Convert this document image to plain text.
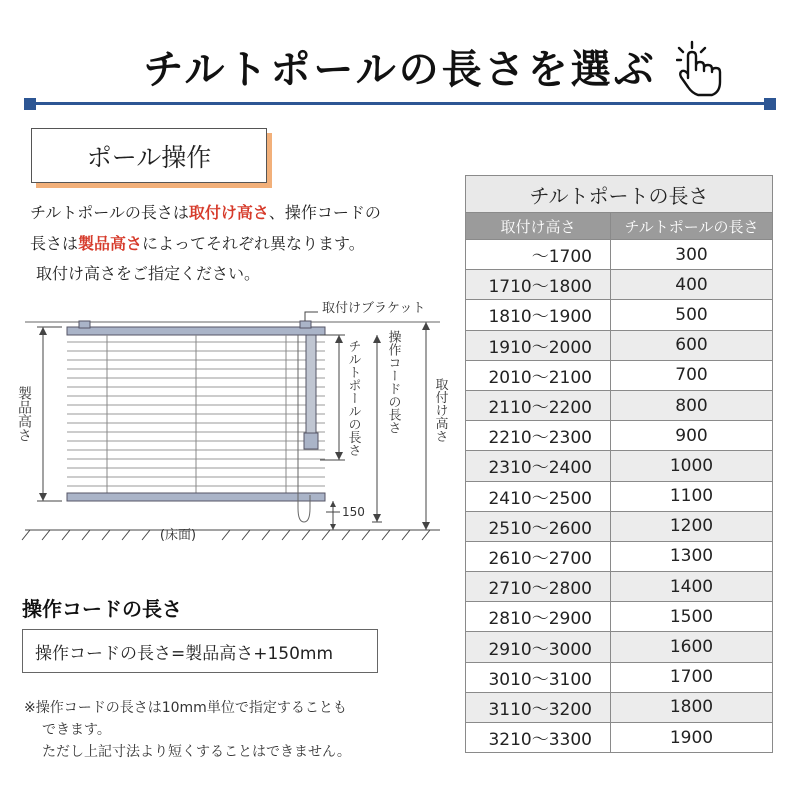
チルトポールの長さを選ぶ
ポール操作
チルトポールの長さは取付け高さ、操作コードの
長さは製品高さによってそれぞれ異なります。
取付け高さをご指定ください。
取付けブラケット
150
(床面)
製品高さ	チルトポールの長さ 操作コードの長さ 取付け高さ
操作コードの長さ
操作コードの長さ=製品高さ+150mm
※操作コードの長さは10mm単位で指定することも
できます。
ただし上記寸法より短くすることはできません。
チルトポートの長さ	
取付け高さ	チルトポールの長さ
～1700	300
1710～1800	400
1810～1900	500
1910～2000	600
2010～2100	700
2110～2200	800
2210～2300	900
2310～2400	1000
2410～2500	1100
2510～2600	1200
2610～2700	1300
2710～2800	1400
2810～2900	1500
2910～3000	1600
3010～3100	1700
3110～3200	1800
3210～3300	1900
